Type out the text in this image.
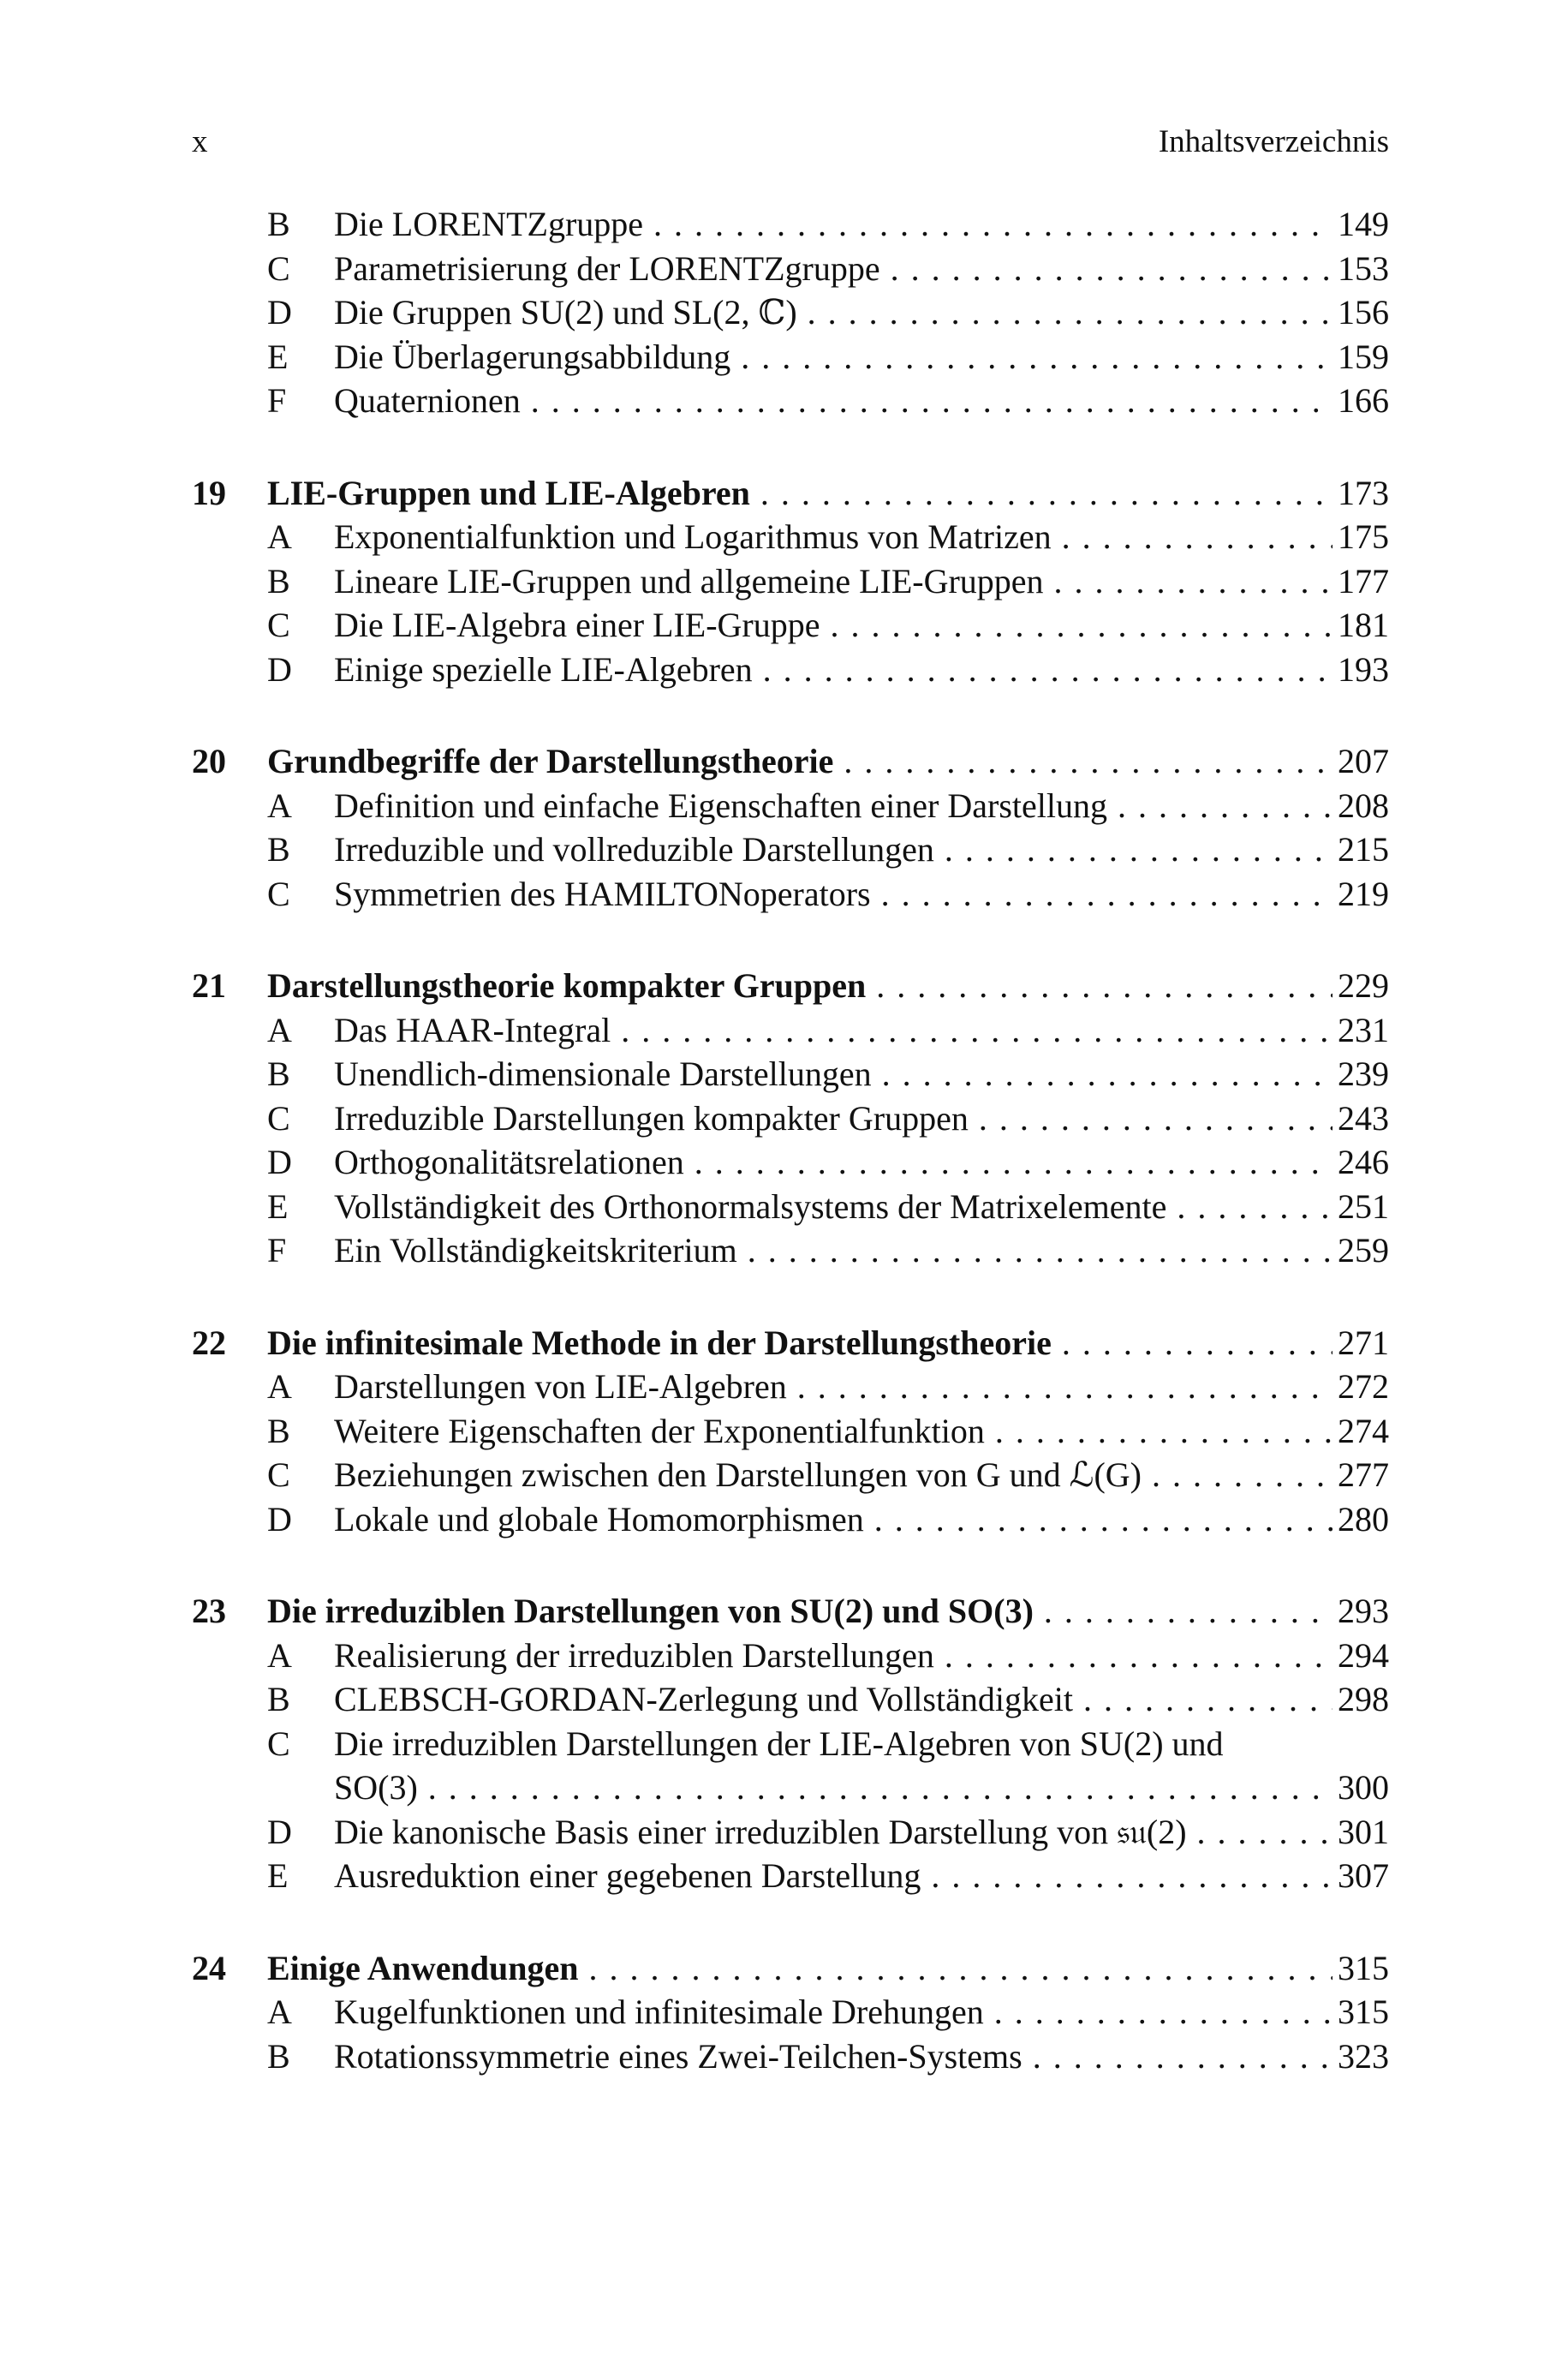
x	Inhaltsverzeichnis
B	Die LORENTZgruppe . . .	149
C	Parametrisierung der LORENTZgruppe . . .	153
D	Die Gruppen SU(2) und SL(2, ℂ) . . .	156
E	Die Überlagerungsabbildung . . .	159
F	Quaternionen . . .	166
19	LIE-Gruppen und LIE-Algebren . . .	173
A	Exponentialfunktion und Logarithmus von Matrizen . . .	175
B	Lineare LIE-Gruppen und allgemeine LIE-Gruppen . . .	177
C	Die LIE-Algebra einer LIE-Gruppe . . .	181
D	Einige spezielle LIE-Algebren . . .	193
20	Grundbegriffe der Darstellungstheorie . . .	207
A	Definition und einfache Eigenschaften einer Darstellung . . .	208
B	Irreduzible und vollreduzible Darstellungen . . .	215
C	Symmetrien des HAMILTONoperators . . .	219
21	Darstellungstheorie kompakter Gruppen . . .	229
A	Das HAAR-Integral . . .	231
B	Unendlich-dimensionale Darstellungen . . .	239
C	Irreduzible Darstellungen kompakter Gruppen . . .	243
D	Orthogonalitätsrelationen . . .	246
E	Vollständigkeit des Orthonormalsystems der Matrixelemente . . .	251
F	Ein Vollständigkeitskriterium . . .	259
22	Die infinitesimale Methode in der Darstellungstheorie . . .	271
A	Darstellungen von LIE-Algebren . . .	272
B	Weitere Eigenschaften der Exponentialfunktion . . .	274
C	Beziehungen zwischen den Darstellungen von G und ℒ(G) . . .	277
D	Lokale und globale Homomorphismen . . .	280
23	Die irreduziblen Darstellungen von SU(2) und SO(3) . . .	293
A	Realisierung der irreduziblen Darstellungen . . .	294
B	CLEBSCH-GORDAN-Zerlegung und Vollständigkeit . . .	298
C	Die irreduziblen Darstellungen der LIE-Algebren von SU(2) und
SO(3) . . .	300
D	Die kanonische Basis einer irreduziblen Darstellung von 𝔰𝔲(2) . . .	301
E	Ausreduktion einer gegebenen Darstellung . . .	307
24	Einige Anwendungen . . .	315
A	Kugelfunktionen und infinitesimale Drehungen . . .	315
B	Rotationssymmetrie eines Zwei-Teilchen-Systems . . .	323
